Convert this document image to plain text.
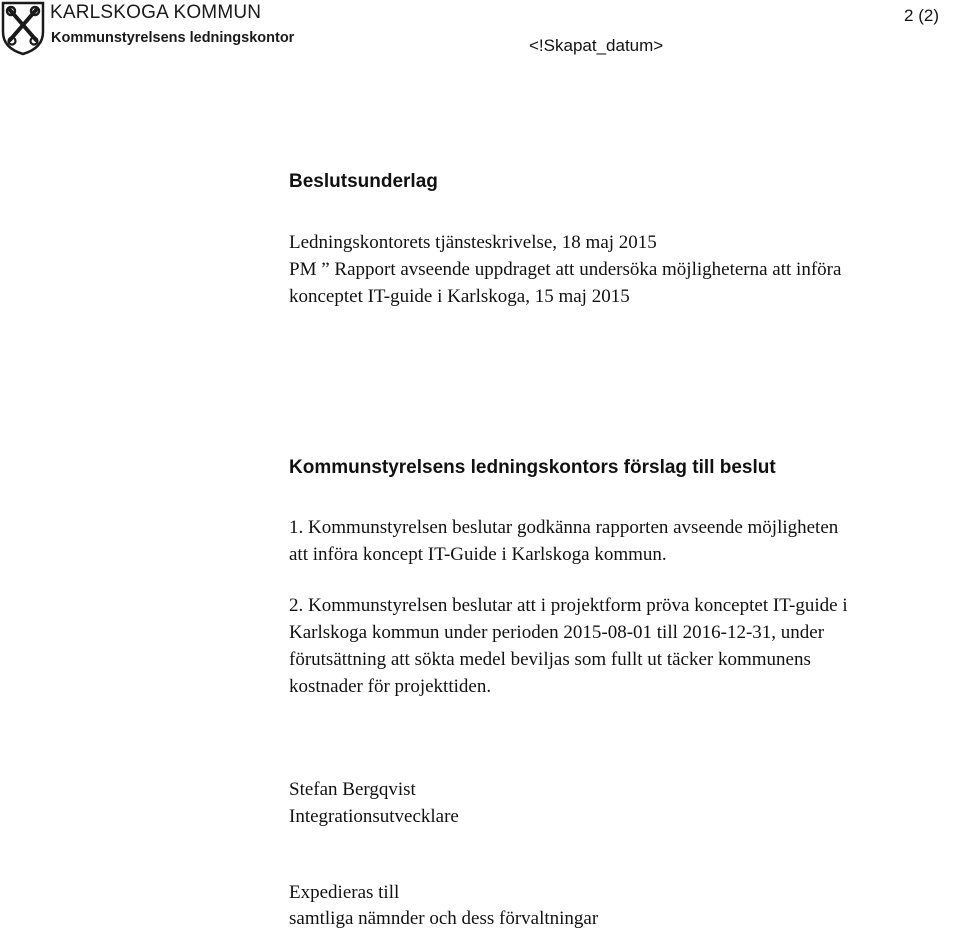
KARLSKOGA KOMMUN
Kommunstyrelsens ledningskontor
2 (2)
<!Skapat_datum>
Beslutsunderlag

Ledningskontorets tjänsteskrivelse, 18 maj 2015

PM ” Rapport avseende uppdraget att undersöka möjligheterna att införa

konceptet IT-guide i Karlskoga, 15 maj 2015

Kommunstyrelsens ledningskontors förslag till beslut

1. Kommunstyrelsen beslutar godkänna rapporten avseende möjligheten

att införa koncept IT-Guide i Karlskoga kommun.

2. Kommunstyrelsen beslutar att i projektform pröva konceptet IT-guide i

Karlskoga kommun under perioden 2015-08-01 till 2016-12-31, under

förutsättning att sökta medel beviljas som fullt ut täcker kommunens

kostnader för projekttiden.

Stefan Bergqvist

Integrationsutvecklare

Expedieras till

samtliga nämnder och dess förvaltningar
